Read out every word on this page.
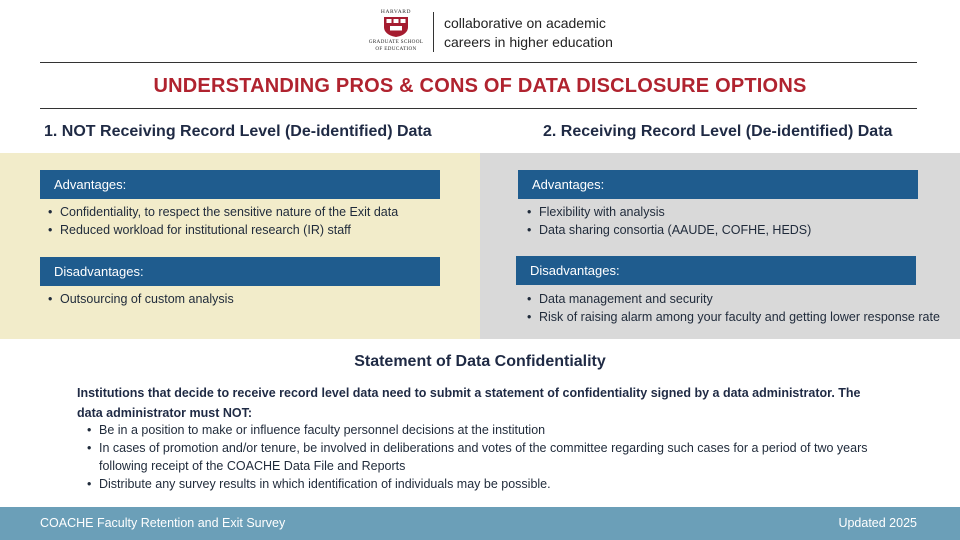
HARVARD
GRADUATE SCHOOL
OF EDUCATION
collaborative on academic
careers in higher education
UNDERSTANDING PROS & CONS OF DATA DISCLOSURE OPTIONS
1. NOT Receiving Record Level (De-identified) Data	2. Receiving Record Level (De-identified) Data
Advantages:
• Confidentiality, to respect the sensitive nature of the Exit data
• Reduced workload for institutional research (IR) staff
Disadvantages:
• Outsourcing of custom analysis
Advantages:
• Flexibility with analysis
• Data sharing consortia (AAUDE, COFHE, HEDS)
Disadvantages:
• Data management and security
• Risk of raising alarm among your faculty and getting lower response rate
Statement of Data Confidentiality
Institutions that decide to receive record level data need to submit a statement of confidentiality signed by a data administrator. The data administrator must NOT:
• Be in a position to make or influence faculty personnel decisions at the institution
• In cases of promotion and/or tenure, be involved in deliberations and votes of the committee regarding such cases for a period of two years following receipt of the COACHE Data File and Reports
• Distribute any survey results in which identification of individuals may be possible.
COACHE Faculty Retention and Exit Survey	Updated 2025
